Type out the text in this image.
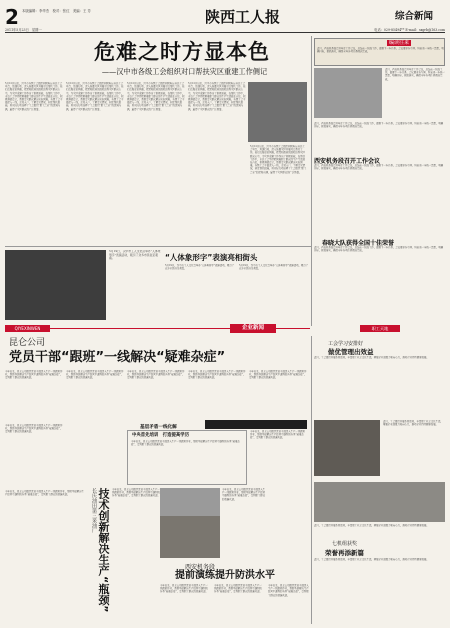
2 本版编辑：李华杰　校对：张红　美编：王 芳
2011年5月23日　星期一
陕西工人报	综合新闻
电话：029-85494** E-mail：sxgrb@163.com
危难之时方显本色
——汉中市各级工会组织对口帮扶灾区重建工作侧记
5月12日以来，汉中市各级工会组织积极响应省总工会号召，迅速行动，深入地震灾区开展对口帮扶工作。他们克服重重困难，把党和政府的温暖送到灾区群众心中，为灾区重建工作作出了积极贡献。在帮扶工作中，市总工会坚持把困难职工群众的生产生活放在首位，积极筹措资金，帮助受灾群众解决实际困难。各级工会干部深入一线，走村入户，了解受灾情况，制定帮扶措施，用实际行动诠释了工会组织“职工之家”的深刻内涵，赢得了灾区群众的广泛赞誉。
5月12日以来，汉中市各级工会组织积极响应省总工会号召，迅速行动，深入地震灾区开展对口帮扶工作。他们克服重重困难，把党和政府的温暖送到灾区群众心中，为灾区重建工作作出了积极贡献。在帮扶工作中，市总工会坚持把困难职工群众的生产生活放在首位，积极筹措资金，帮助受灾群众解决实际困难。各级工会干部深入一线，走村入户，了解受灾情况，制定帮扶措施，用实际行动诠释了工会组织“职工之家”的深刻内涵，赢得了灾区群众的广泛赞誉。
5月12日以来，汉中市各级工会组织积极响应省总工会号召，迅速行动，深入地震灾区开展对口帮扶工作。他们克服重重困难，把党和政府的温暖送到灾区群众心中，为灾区重建工作作出了积极贡献。在帮扶工作中，市总工会坚持把困难职工群众的生产生活放在首位，积极筹措资金，帮助受灾群众解决实际困难。各级工会干部深入一线，走村入户，了解受灾情况，制定帮扶措施，用实际行动诠释了工会组织“职工之家”的深刻内涵，赢得了灾区群众的广泛赞誉。
5月12日以来，汉中市各级工会组织积极响应省总工会号召，迅速行动，深入地震灾区开展对口帮扶工作。他们克服重重困难，把党和政府的温暖送到灾区群众心中，为灾区重建工作作出了积极贡献。在帮扶工作中，市总工会坚持把困难职工群众的生产生活放在首位，积极筹措资金，帮助受灾群众解决实际困难。各级工会干部深入一线，走村入户，了解受灾情况，制定帮扶措施，用实际行动诠释了工会组织“职工之家”的深刻内涵，赢得了灾区群众的广泛赞誉。
5月12日以来，汉中市各级工会组织积极响应省总工会号召，迅速行动，深入地震灾区开展对口帮扶工作。他们克服重重困难，把党和政府的温暖送到灾区群众心中，为灾区重建工作作出了积极贡献。在帮扶工作中，市总工会坚持把困难职工群众的生产生活放在首位，积极筹措资金，帮助受灾群众解决实际困难。各级工会干部深入一线，走村入户，了解受灾情况，制定帮扶措施，用实际行动诠释了工会组织“职工之家”的深刻内涵，赢得了灾区群众的广泛赞誉。
编读往来
近日，西安机务段召开年度工作会议，总结前一阶段工作，部署下一步任务。会议要求各车间、科室进一步统一思想，明确目标，狠抓落实，确保全年各项任务圆满完成。
近日，西安机务段召开年度工作会议，总结前一阶段工作，部署下一步任务。会议要求各车间、科室进一步统一思想，明确目标，狠抓落实，确保全年各项任务圆满完成。
近日，西安机务段召开年度工作会议，总结前一阶段工作，部署下一步任务。会议要求各车间、科室进一步统一思想，明确目标，狠抓落实，确保全年各项任务圆满完成。
西安机务段召开工作会议
近日，西安机务段召开年度工作会议，总结前一阶段工作，部署下一步任务。会议要求各车间、科室进一步统一思想，明确目标，狠抓落实，确保全年各项任务圆满完成。
春晓大队获得全国十佳荣誉
近日，西安机务段召开年度工作会议，总结前一阶段工作，部署下一步任务。会议要求各车间、科室进一步统一思想，明确目标，狠抓落实，确保全年各项任务圆满完成。
5月19日，汉中市工人文化宫举办“人体象形字”表演活动，吸引了众多市民驻足观看。	“人体象形字”表演亮相街头
5月19日，汉中市工人文化宫举办“人体象形字”表演活动，吸引了众多市民驻足观看。
5月19日，汉中市工人文化宫举办“人体象形字”表演活动，吸引了众多市民驻足观看。
QIYEXINWEN	企业新闻	职工天地
昆仑公司
党员干部“跟班”一线解决“疑难杂症”
今年以来，昆仑公司组织党员干部深入生产一线跟班作业，帮助基层解决生产经营中遇到的各类“疑难杂症”，受到职工群众的普遍欢迎。
今年以来，昆仑公司组织党员干部深入生产一线跟班作业，帮助基层解决生产经营中遇到的各类“疑难杂症”，受到职工群众的普遍欢迎。
今年以来，昆仑公司组织党员干部深入生产一线跟班作业，帮助基层解决生产经营中遇到的各类“疑难杂症”，受到职工群众的普遍欢迎。
今年以来，昆仑公司组织党员干部深入生产一线跟班作业，帮助基层解决生产经营中遇到的各类“疑难杂症”，受到职工群众的普遍欢迎。
今年以来，昆仑公司组织党员干部深入生产一线跟班作业，帮助基层解决生产经营中遇到的各类“疑难杂症”，受到职工群众的普遍欢迎。
基层矛盾一线化解
今年以来，昆仑公司组织党员干部深入生产一线跟班作业，帮助基层解决生产经营中遇到的各类“疑难杂症”，受到职工群众的普遍欢迎。
长庆油田第三采油厂 技术创新解决生产“瓶颈”
今年以来，昆仑公司组织党员干部深入生产一线跟班作业，帮助基层解决生产经营中遇到的各类“疑难杂症”，受到职工群众的普遍欢迎。
今年以来，昆仑公司组织党员干部深入生产一线跟班作业，帮助基层解决生产经营中遇到的各类“疑难杂症”，受到职工群众的普遍欢迎。
中央首先培训　打造提高学历
今年以来，昆仑公司组织党员干部深入生产一线跟班作业，帮助基层解决生产经营中遇到的各类“疑难杂症”，受到职工群众的普遍欢迎。
今年以来，昆仑公司组织党员干部深入生产一线跟班作业，帮助基层解决生产经营中遇到的各类“疑难杂症”，受到职工群众的普遍欢迎。
今年以来，昆仑公司组织党员干部深入生产一线跟班作业，帮助基层解决生产经营中遇到的各类“疑难杂症”，受到职工群众的普遍欢迎。
西安机务段
提前演练提升防洪水平
今年以来，昆仑公司组织党员干部深入生产一线跟班作业，帮助基层解决生产经营中遇到的各类“疑难杂症”，受到职工群众的普遍欢迎。
今年以来，昆仑公司组织党员干部深入生产一线跟班作业，帮助基层解决生产经营中遇到的各类“疑难杂症”，受到职工群众的普遍欢迎。
今年以来，昆仑公司组织党员干部深入生产一线跟班作业，帮助基层解决生产经营中遇到的各类“疑难杂症”，受到职工群众的普遍欢迎。
工会学习安排好
做优管理出效益
近日，工会组织开展系列活动，丰富职工业余文化生活，增强企业凝聚力和向心力，推动企业持续健康发展。
近日，工会组织开展系列活动，丰富职工业余文化生活，增强企业凝聚力和向心力，推动企业持续健康发展。
近日，工会组织开展系列活动，丰富职工业余文化生活，增强企业凝聚力和向心力，推动企业持续健康发展。
七机组获奖
荣誉再添新篇
近日，工会组织开展系列活动，丰富职工业余文化生活，增强企业凝聚力和向心力，推动企业持续健康发展。
